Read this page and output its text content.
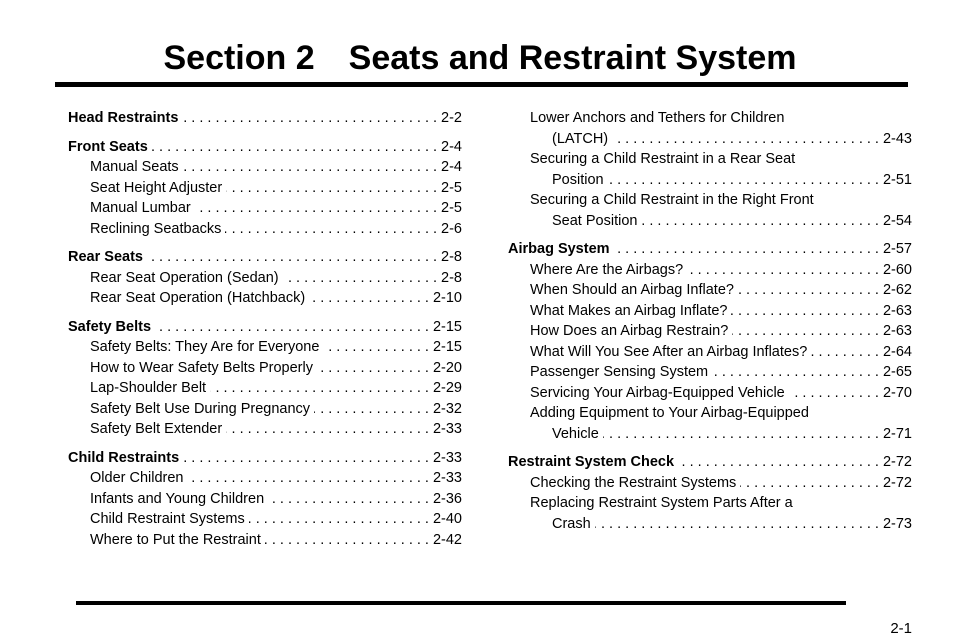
Section 2 Seats and Restraint System
Head Restraints . . .	2-2
Front Seats . . .	2-4
Manual Seats . . .	2-4
Seat Height Adjuster . . .	2-5
Manual Lumbar . . .	2-5
Reclining Seatbacks . . .	2-6
Rear Seats . . .	2-8
Rear Seat Operation (Sedan) . . .	2-8
Rear Seat Operation (Hatchback) . . .	2-10
Safety Belts . . .	2-15
Safety Belts: They Are for Everyone . . .	2-15
How to Wear Safety Belts Properly . . .	2-20
Lap-Shoulder Belt . . .	2-29
Safety Belt Use During Pregnancy . . .	2-32
Safety Belt Extender . . .	2-33
Child Restraints . . .	2-33
Older Children . . .	2-33
Infants and Young Children . . .	2-36
Child Restraint Systems . . .	2-40
Where to Put the Restraint . . .	2-42
Lower Anchors and Tethers for Children
(LATCH) . . .	2-43
Securing a Child Restraint in a Rear Seat
Position . . .	2-51
Securing a Child Restraint in the Right Front
Seat Position . . .	2-54
Airbag System . . .	2-57
Where Are the Airbags? . . .	2-60
When Should an Airbag Inflate? . . .	2-62
What Makes an Airbag Inflate? . . .	2-63
How Does an Airbag Restrain? . . .	2-63
What Will You See After an Airbag Inflates? . . .	2-64
Passenger Sensing System . . .	2-65
Servicing Your Airbag-Equipped Vehicle . . .	2-70
Adding Equipment to Your Airbag-Equipped
Vehicle . . .	2-71
Restraint System Check . . .	2-72
Checking the Restraint Systems . . .	2-72
Replacing Restraint System Parts After a
Crash . . .	2-73
2-1
